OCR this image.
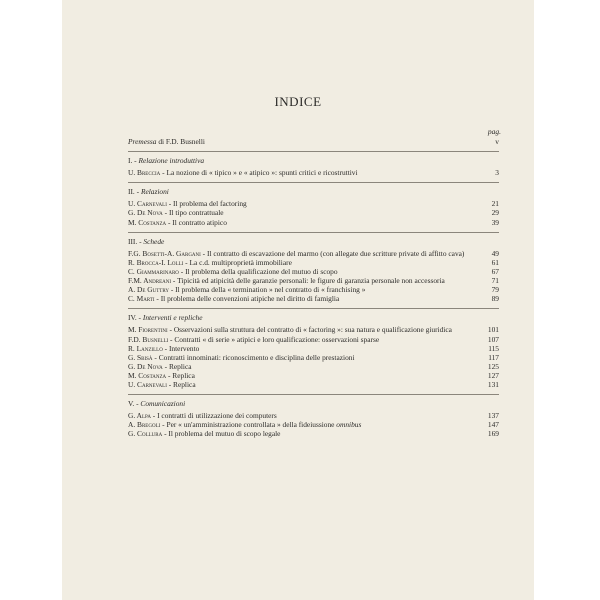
INDICE
pag.
Premessa di F.D. Busnelli	v
I. - Relazione introduttiva
U. Breccia - La nozione di « tipico » e « atipico »: spunti critici e ricostruttivi	3
II. - Relazioni
U. Carnevali - Il problema del factoring	21
G. De Nova - Il tipo contrattuale	29
M. Costanza - Il contratto atipico	39
III. - Schede
F.G. Bosetti-A. Gargani - Il contratto di escavazione del marmo (con allegate due scritture private di affitto cava)	49
R. Brocca-I. Lolli - La c.d. multiproprietà immobiliare	61
C. Giammarinaro - Il problema della qualificazione del mutuo di scopo	67
F.M. Andreani - Tipicità ed atipicità delle garanzie personali: le figure di garanzia personale non accessoria	71
A. De Guttry - Il problema della « termination » nel contratto di « franchising »	79
C. Marti - Il problema delle convenzioni atipiche nel diritto di famiglia	89
IV. - Interventi e repliche
M. Fiorentini - Osservazioni sulla struttura del contratto di « factoring »: sua natura e qualificazione giuridica	101
F.D. Busnelli - Contratti « di serie » atipici e loro qualificazione: osservazioni sparse	107
R. Lanzillo - Intervento	115
G. Sbisà - Contratti innominati: riconoscimento e disciplina delle prestazioni	117
G. De Nova - Replica	125
M. Costanza - Replica	127
U. Carnevali - Replica	131
V. - Comunicazioni
G. Alpa - I contratti di utilizzazione dei computers	137
A. Bregoli - Per « un'amministrazione controllata » della fideiussione omnibus	147
G. Collura - Il problema del mutuo di scopo legale	169
